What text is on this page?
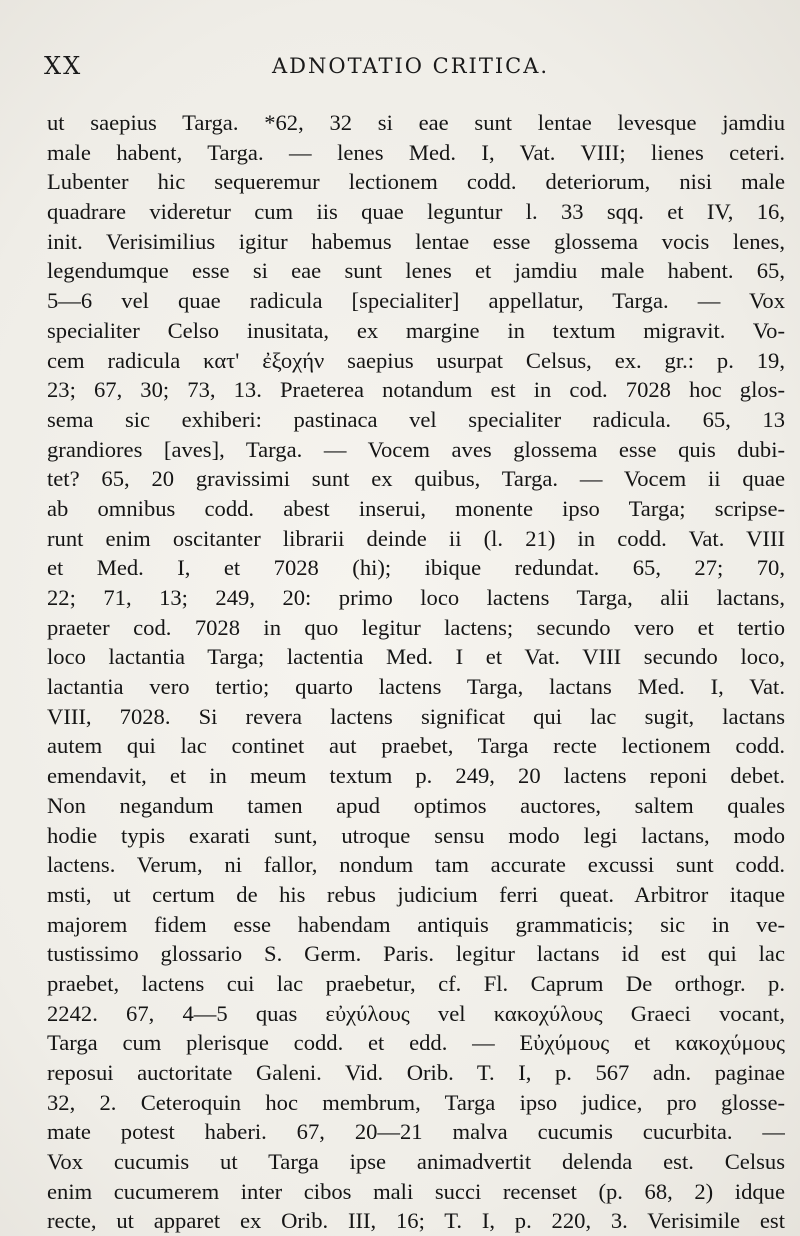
XX	ADNOTATIO CRITICA.
ut saepius Targa. *62, 32 si eae sunt lentae levesque jamdiu
male habent, Targa. — lenes Med. I, Vat. VIII; lienes ceteri.
Lubenter hic sequeremur lectionem codd. deteriorum, nisi male
quadrare videretur cum iis quae leguntur l. 33 sqq. et IV, 16,
init. Verisimilius igitur habemus lentae esse glossema vocis lenes,
legendumque esse si eae sunt lenes et jamdiu male habent. 65,
5—6 vel quae radicula [specialiter] appellatur, Targa. — Vox
specialiter Celso inusitata, ex margine in textum migravit. Vo-
cem radicula κατ' ἐξοχήν saepius usurpat Celsus, ex. gr.: p. 19,
23; 67, 30; 73, 13. Praeterea notandum est in cod. 7028 hoc glos-
sema sic exhiberi: pastinaca vel specialiter radicula. 65, 13
grandiores [aves], Targa. — Vocem aves glossema esse quis dubi-
tet? 65, 20 gravissimi sunt ex quibus, Targa. — Vocem ii quae
ab omnibus codd. abest inserui, monente ipso Targa; scripse-
runt enim oscitanter librarii deinde ii (l. 21) in codd. Vat. VIII
et Med. I, et 7028 (hi); ibique redundat. 65, 27; 70,
22; 71, 13; 249, 20: primo loco lactens Targa, alii lactans,
praeter cod. 7028 in quo legitur lactens; secundo vero et tertio
loco lactantia Targa; lactentia Med. I et Vat. VIII secundo loco,
lactantia vero tertio; quarto lactens Targa, lactans Med. I, Vat.
VIII, 7028. Si revera lactens significat qui lac sugit, lactans
autem qui lac continet aut praebet, Targa recte lectionem codd.
emendavit, et in meum textum p. 249, 20 lactens reponi debet.
Non negandum tamen apud optimos auctores, saltem quales
hodie typis exarati sunt, utroque sensu modo legi lactans, modo
lactens. Verum, ni fallor, nondum tam accurate excussi sunt codd.
msti, ut certum de his rebus judicium ferri queat. Arbitror itaque
majorem fidem esse habendam antiquis grammaticis; sic in ve-
tustissimo glossario S. Germ. Paris. legitur lactans id est qui lac
praebet, lactens cui lac praebetur, cf. Fl. Caprum De orthogr. p.
2242. 67, 4—5 quas εὐχύλους vel κακοχύλους Graeci vocant,
Targa cum plerisque codd. et edd. — Εὐχύμους et κακοχύμους
reposui auctoritate Galeni. Vid. Orib. T. I, p. 567 adn. paginae
32, 2. Ceteroquin hoc membrum, Targa ipso judice, pro glosse-
mate potest haberi. 67, 20—21 malva cucumis cucurbita. —
Vox cucumis ut Targa ipse animadvertit delenda est. Celsus
enim cucumerem inter cibos mali succi recenset (p. 68, 2) idque
recte, ut apparet ex Orib. III, 16; T. I, p. 220, 3. Verisimile est
